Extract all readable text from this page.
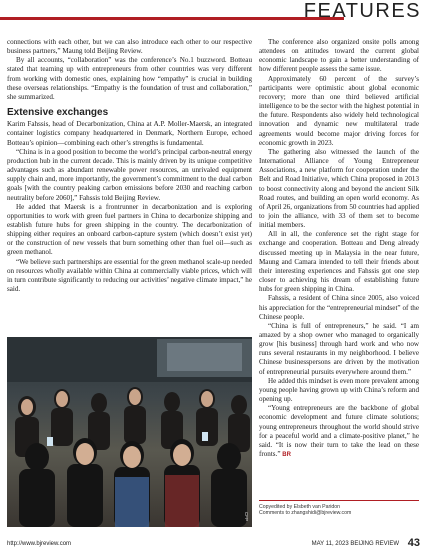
FEATURES

connections with each other, but we can also introduce each other to our respective business partners,” Maung told Beijing Review.

By all accounts, “collaboration” was the conference’s No.1 buzzword. Botteau stated that teaming up with entrepreneurs from other countries was very different from working with domestic ones, explaining how “empathy” is crucial in building these overseas relationships. “Empathy is the foundation of trust and collaboration,” she summarized.

Extensive exchanges

Karim Fahssis, head of Decarbonization, China at A.P. Moller-Maersk, an integrated container logistics company headquartered in Denmark, Northern Europe, echoed Botteau’s opinion—combining each other’s strengths is fundamental.

“China is in a good position to become the world’s principal carbon-neutral energy production hub in the current decade. This is mainly driven by its unique competitive advantages such as abundant renewable power resources, an unrivaled equipment supply chain and, more importantly, the government’s commitment to the dual carbon goals [with the country peaking carbon emissions before 2030 and reaching carbon neutrality before 2060],” Fahssis told Beijing Review.

He added that Maersk is a frontrunner in decarbonization and is exploring opportunities to work with green fuel partners in China to decarbonize shipping and establish future hubs for green shipping in the country. The decarbonization of shipping either requires an onboard carbon-capture system (which doesn’t exist yet) or the construction of new vessels that burn something other than fuel oil—such as green methanol.

“We believe such partnerships are essential for the green methanol scale-up needed on resources wholly available within China at commercially viable prices, which will in turn contribute significantly to reducing our activities’ negative climate impact,” he said.

CFP

The conference also organized onsite polls among attendees on attitudes toward the current global economic landscape to gain a better understanding of how different people assess the same issue.

Approximately 60 percent of the survey’s participants were optimistic about global economic recovery; more than one third believed artificial intelligence to be the sector with the highest potential in the future. Respondents also widely held technological innovation and dynamic new multilateral trade agreements would become major driving forces for economic growth in 2023.

The gathering also witnessed the launch of the International Alliance of Young Entrepreneur Associations, a new platform for cooperation under the Belt and Road Initiative, which China proposed in 2013 to boost connectivity along and beyond the ancient Silk Road routes, and building an open world economy. As of April 26, organizations from 50 countries had applied to join the alliance, with 33 of them set to become initial members.

All in all, the conference set the right stage for exchange and cooperation. Botteau and Deng already discussed meeting up in Malaysia in the near future, Maung and Camara intended to tell their friends about their interesting experiences and Fahssis got one step closer to achieving his dream of establishing future hubs for green shipping in China.

Fahssis, a resident of China since 2005, also voiced his appreciation for the “entrepreneurial mindset” of the Chinese people.

“China is full of entrepreneurs,” he said. “I am amazed by a shop owner who managed to organically grow [his business] through hard work and who now runs several restaurants in my neighborhood. I believe Chinese businesspersons are driven by the motivation of entrepreneurial pursuits everywhere around them.”

He added this mindset is even more prevalent among young people having grown up with China’s reform and opening up.

“Young entrepreneurs are the backbone of global economic development and future climate solutions; young entrepreneurs throughout the world should strive for a peaceful world and a climate-positive planet,” he said. “It is now their turn to take the lead on these fronts.” BR

Copyedited by Elsbeth van Paridon
Comments to zhangshidi@bjreview.com
http://www.bjreview.com	MAY 11, 2023 BEIJING REVIEW 43
